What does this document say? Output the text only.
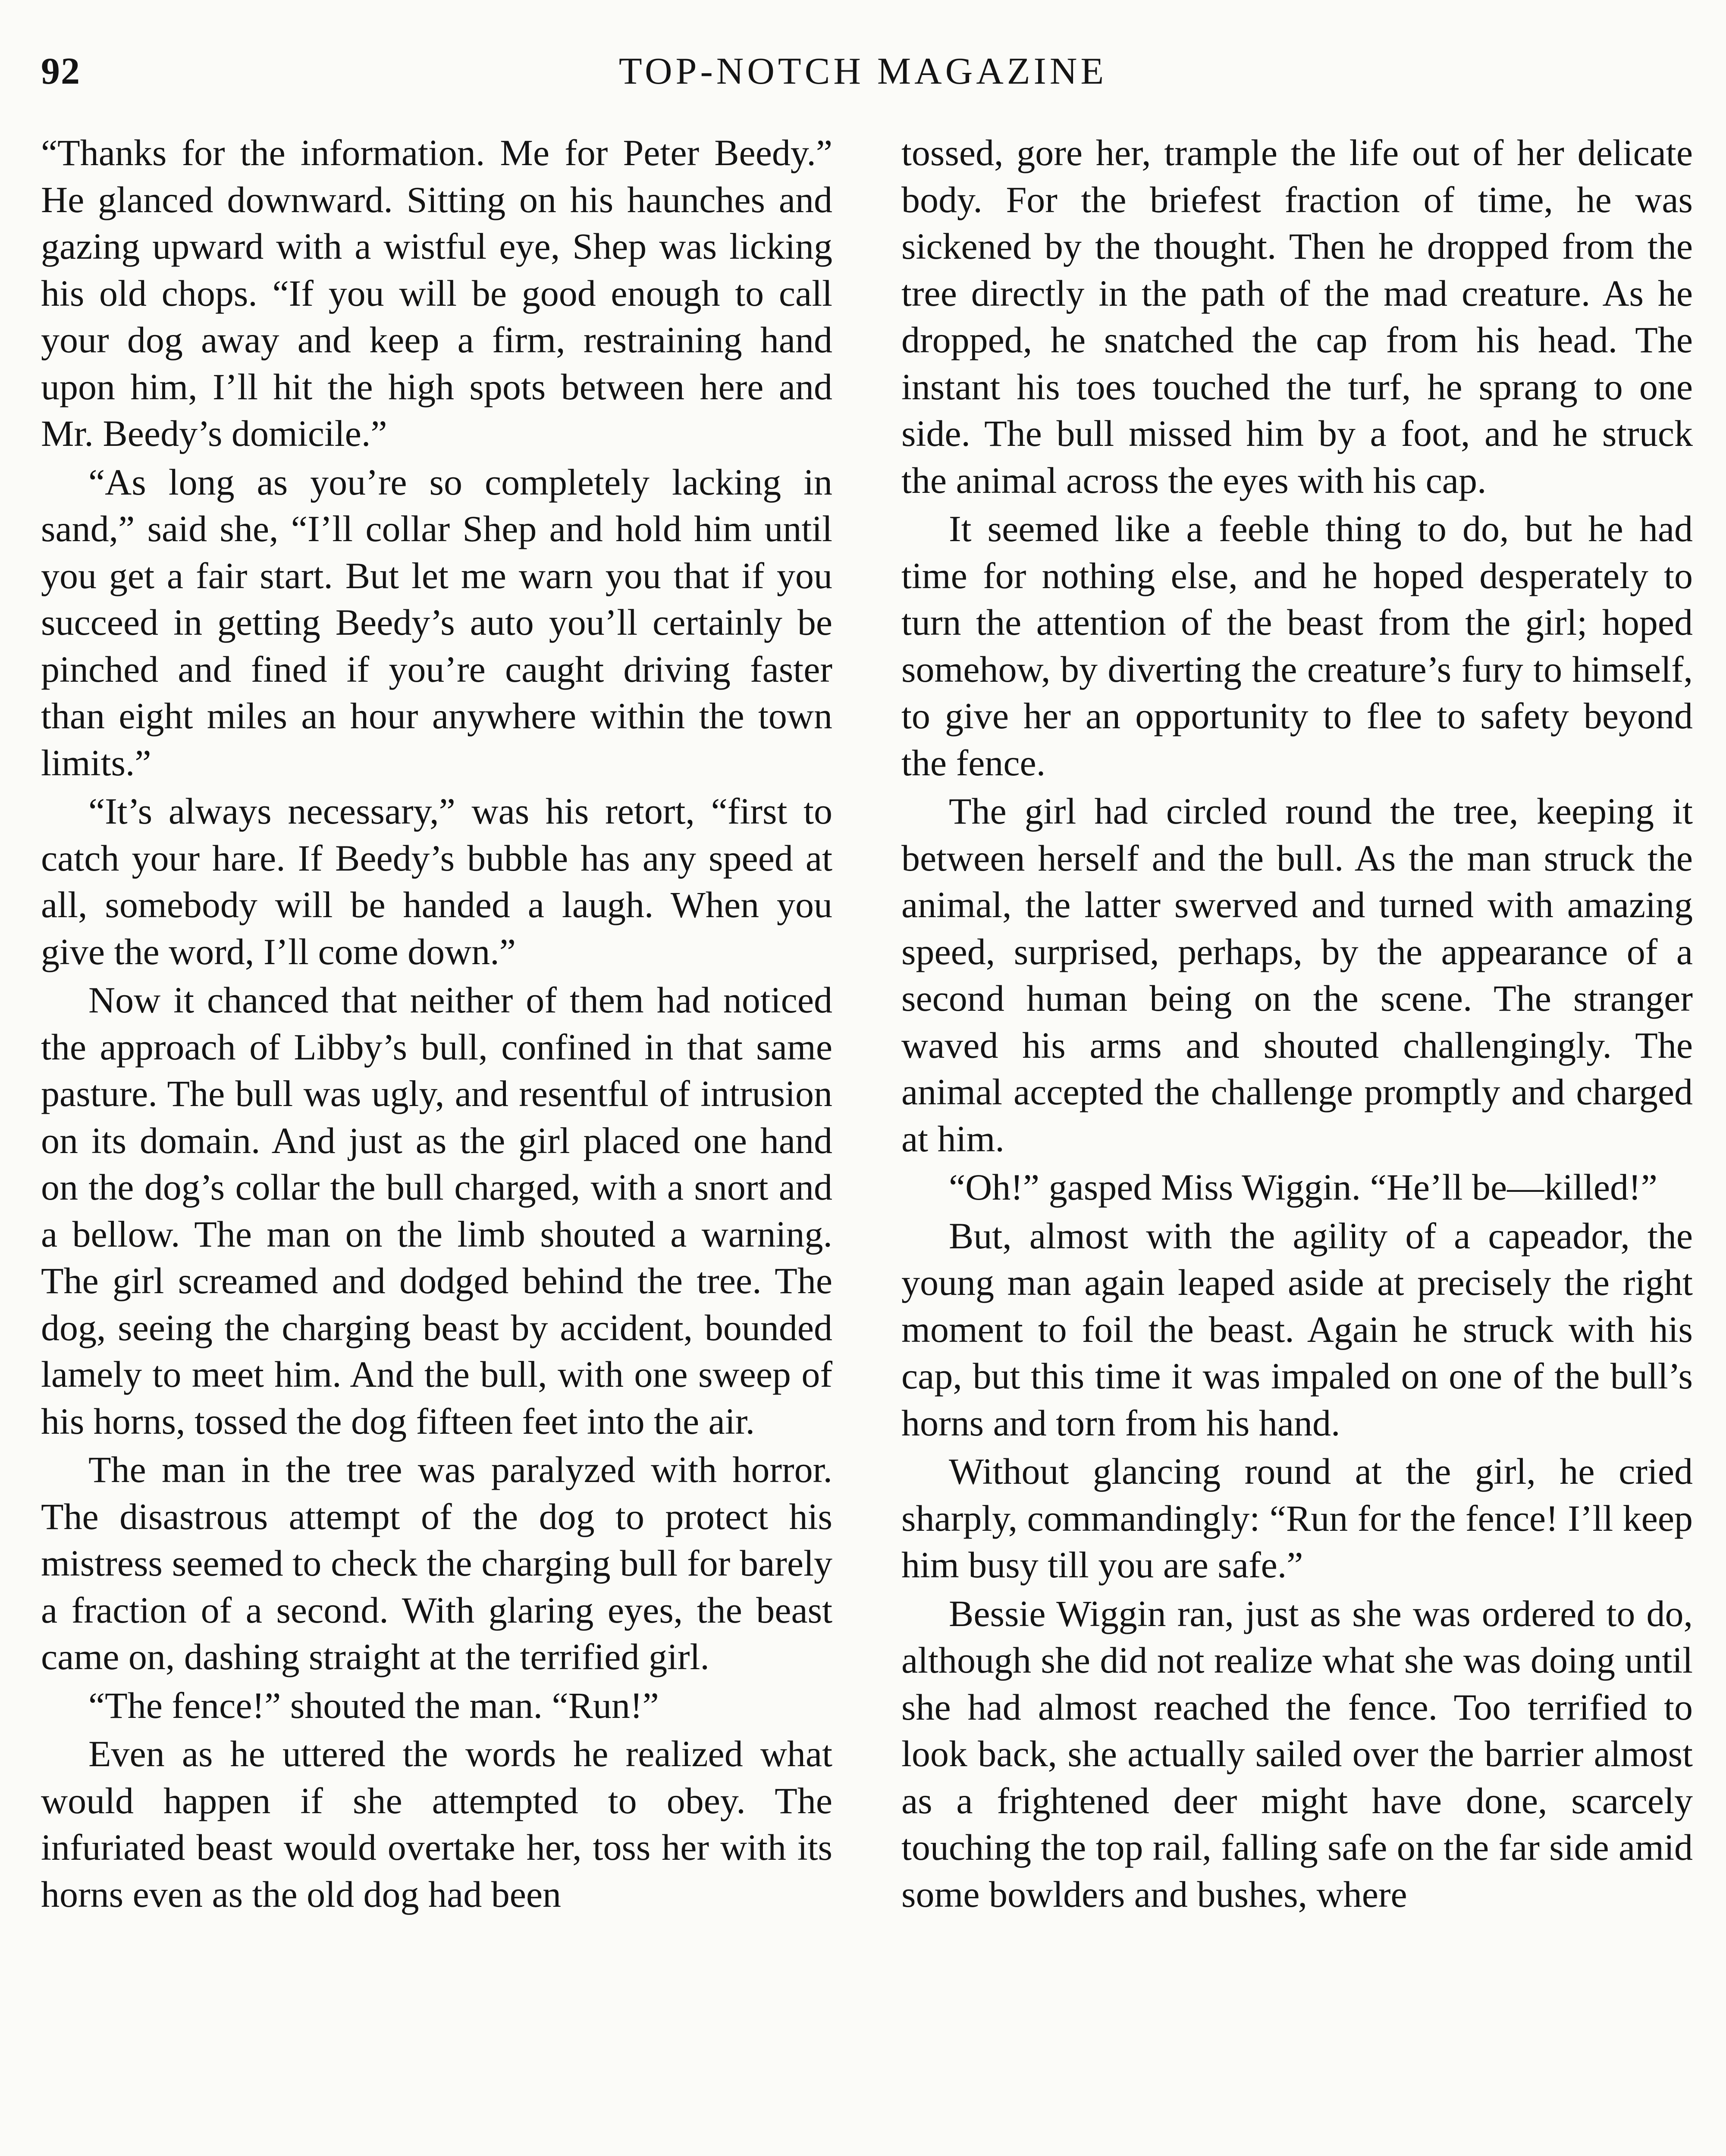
92	TOP-NOTCH MAGAZINE

“Thanks for the information. Me for Peter Beedy.” He glanced downward. Sitting on his haunches and gazing upward with a wistful eye, Shep was licking his old chops. “If you will be good enough to call your dog away and keep a firm, restraining hand upon him, I’ll hit the high spots between here and Mr. Beedy’s domicile.”

“As long as you’re so completely lacking in sand,” said she, “I’ll collar Shep and hold him until you get a fair start. But let me warn you that if you succeed in getting Beedy’s auto you’ll certainly be pinched and fined if you’re caught driving faster than eight miles an hour anywhere within the town limits.”

“It’s always necessary,” was his retort, “first to catch your hare. If Beedy’s bubble has any speed at all, somebody will be handed a laugh. When you give the word, I’ll come down.”

Now it chanced that neither of them had noticed the approach of Libby’s bull, confined in that same pasture. The bull was ugly, and resentful of intrusion on its domain. And just as the girl placed one hand on the dog’s collar the bull charged, with a snort and a bellow. The man on the limb shouted a warning. The girl screamed and dodged behind the tree. The dog, seeing the charging beast by accident, bounded lamely to meet him. And the bull, with one sweep of his horns, tossed the dog fifteen feet into the air.

The man in the tree was paralyzed with horror. The disastrous attempt of the dog to protect his mistress seemed to check the charging bull for barely a fraction of a second. With glaring eyes, the beast came on, dashing straight at the terrified girl.

“The fence!” shouted the man. “Run!”

Even as he uttered the words he realized what would happen if she attempted to obey. The infuriated beast would overtake her, toss her with its horns even as the old dog had been

tossed, gore her, trample the life out of her delicate body. For the briefest fraction of time, he was sickened by the thought. Then he dropped from the tree directly in the path of the mad creature. As he dropped, he snatched the cap from his head. The instant his toes touched the turf, he sprang to one side. The bull missed him by a foot, and he struck the animal across the eyes with his cap.

It seemed like a feeble thing to do, but he had time for nothing else, and he hoped desperately to turn the attention of the beast from the girl; hoped somehow, by diverting the creature’s fury to himself, to give her an opportunity to flee to safety beyond the fence.

The girl had circled round the tree, keeping it between herself and the bull. As the man struck the animal, the latter swerved and turned with amazing speed, surprised, perhaps, by the appearance of a second human being on the scene. The stranger waved his arms and shouted challengingly. The animal accepted the challenge promptly and charged at him.

“Oh!” gasped Miss Wiggin. “He’ll be—killed!”

But, almost with the agility of a capeador, the young man again leaped aside at precisely the right moment to foil the beast. Again he struck with his cap, but this time it was impaled on one of the bull’s horns and torn from his hand.

Without glancing round at the girl, he cried sharply, commandingly: “Run for the fence! I’ll keep him busy till you are safe.”

Bessie Wiggin ran, just as she was ordered to do, although she did not realize what she was doing until she had almost reached the fence. Too terrified to look back, she actually sailed over the barrier almost as a frightened deer might have done, scarcely touching the top rail, falling safe on the far side amid some bowlders and bushes, where
